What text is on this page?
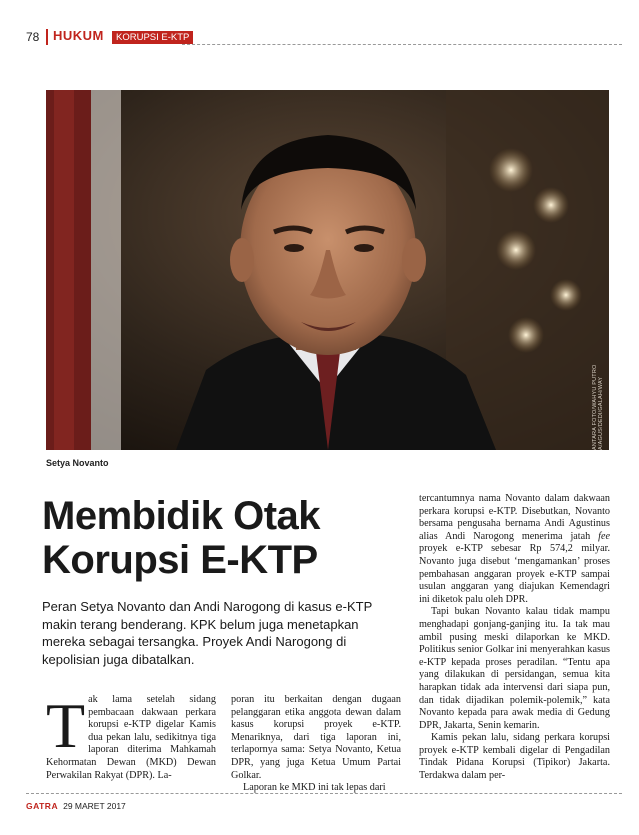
78 HUKUM	KORUPSI E-KTP
ANTARA FOTO/WAHYU PUTRO A/AGUS/DEDI/GALAH/WAY
Setya Novanto
Membidik Otak
Korupsi E-KTP

Peran Setya Novanto dan Andi Narogong di kasus e-KTP makin terang benderang. KPK belum juga menetapkan mereka sebagai tersangka. Proyek Andi Narogong di kepolisian juga dibatalkan.

T ak lama setelah sidang pembacaan dakwaan perkara korupsi e-KTP digelar Kamis dua pekan lalu, sedikitnya tiga laporan diterima Mahkamah Kehormatan Dewan (MKD) Dewan Perwakilan Rakyat (DPR). La-

poran itu berkaitan dengan dugaan pelanggaran etika anggota dewan dalam kasus korupsi proyek e-KTP. Menariknya, dari tiga laporan ini, terlapornya sama: Setya Novanto, Ketua DPR, yang juga Ketua Umum Partai Golkar.

Laporan ke MKD ini tak lepas dari

tercantumnya nama Novanto dalam dakwaan perkara korupsi e-KTP. Disebutkan, Novanto bersama pengusaha bernama Andi Agustinus alias Andi Narogong menerima jatah fee proyek e-KTP sebesar Rp 574,2 milyar. Novanto juga disebut ‘mengamankan’ proses pembahasan anggaran proyek e-KTP sampai usulan anggaran yang diajukan Kemendagri ini diketok palu oleh DPR.

Tapi bukan Novanto kalau tidak mampu menghadapi gonjang-ganjing itu. Ia tak mau ambil pusing meski dilaporkan ke MKD. Politikus senior Golkar ini menyerahkan kasus e-KTP kepada proses peradilan. “Tentu apa yang dilakukan di persidangan, semua kita harapkan tidak ada intervensi dari siapa pun, dan tidak dijadikan polemik-polemik,” kata Novanto kepada para awak media di Gedung DPR, Jakarta, Senin kemarin.

Kamis pekan lalu, sidang perkara korupsi proyek e-KTP kembali digelar di Pengadilan Tindak Pidana Korupsi (Tipikor) Jakarta. Terdakwa dalam per-

GATRA 29 MARET 2017
